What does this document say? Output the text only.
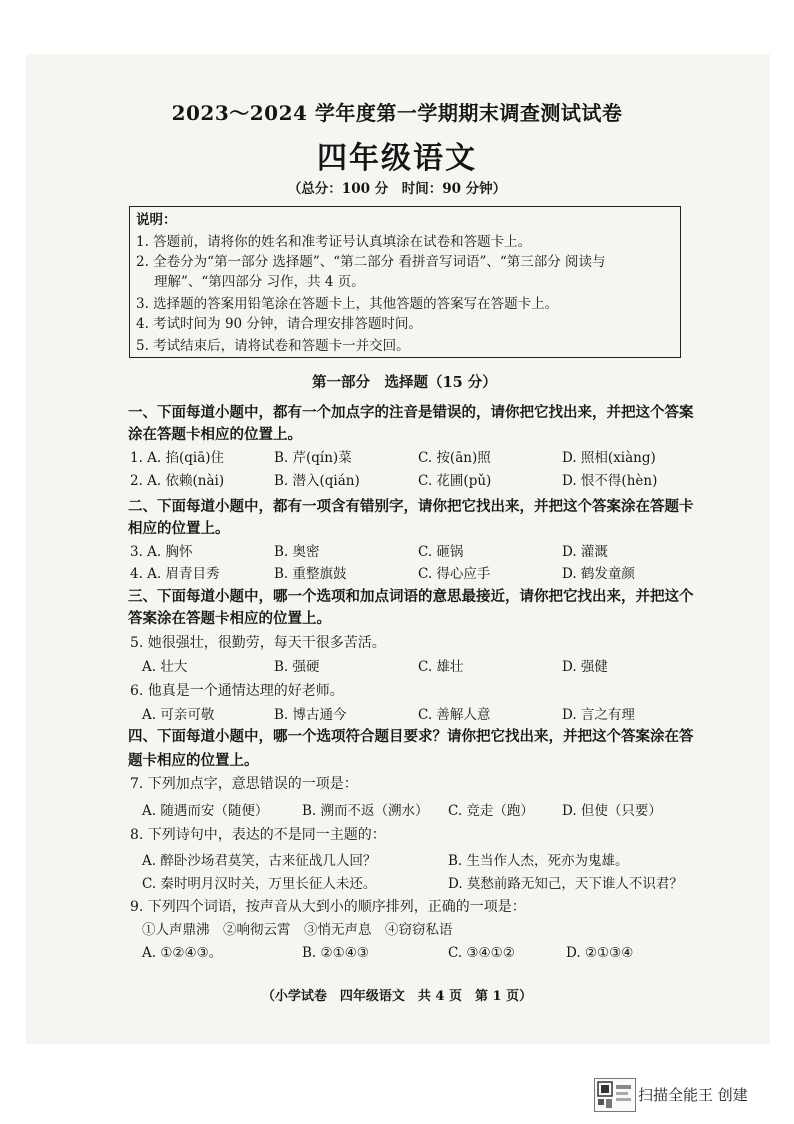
2023～2024 学年度第一学期期末调查测试试卷
四年级语文
（总分：100 分　时间：90 分钟）
说明：
1. 答题前，请将你的姓名和准考证号认真填涂在试卷和答题卡上。
2. 全卷分为“第一部分 选择题”、“第二部分 看拼音写词语”、“第三部分 阅读与
理解”、“第四部分 习作，共 4 页。
3. 选择题的答案用铅笔涂在答题卡上，其他答题的答案写在答题卡上。
4. 考试时间为 90 分钟，请合理安排答题时间。
5. 考试结束后，请将试卷和答题卡一并交回。
第一部分　选择题（15 分）
一、下面每道小题中，都有一个加点字的注音是错误的，请你把它找出来，并把这个答案
涂在答题卡相应的位置上。
1. A. 掐(qiā)住	B. 芹(qín)菜	C. 按(ān)照	D. 照相(xiàng)
2. A. 依赖(nài)	B. 潜入(qián)	C. 花圃(pǔ)	D. 恨不得(hèn)
二、下面每道小题中，都有一项含有错别字，请你把它找出来，并把这个答案涂在答题卡
相应的位置上。
3. A. 胸怀	B. 奥密	C. 砸锅	D. 灌溉
4. A. 眉青目秀	B. 重整旗鼓	C. 得心应手	D. 鹤发童颜
三、下面每道小题中，哪一个选项和加点词语的意思最接近，请你把它找出来，并把这个
答案涂在答题卡相应的位置上。
5. 她很强壮，很勤劳，每天干很多苦活。
A. 壮大	B. 强硬	C. 雄壮	D. 强健
6. 他真是一个通情达理的好老师。
A. 可亲可敬	B. 博古通今	C. 善解人意	D. 言之有理
四、下面每道小题中，哪一个选项符合题目要求？请你把它找出来，并把这个答案涂在答
题卡相应的位置上。
7. 下列加点字，意思错误的一项是：
A. 随遇而安（随便） B. 溯而不返（溯水） C. 竞走（跑） D. 但使（只要）
8. 下列诗句中，表达的不是同一主题的：
A. 醉卧沙场君莫笑，古来征战几人回？	B. 生当作人杰，死亦为鬼雄。
C. 秦时明月汉时关，万里长征人未还。	D. 莫愁前路无知己，天下谁人不识君？
9. 下列四个词语，按声音从大到小的顺序排列，正确的一项是：
①人声鼎沸　②响彻云霄　③悄无声息　④窃窃私语
A. ①②④③。	B. ②①④③	C. ③④①②	D. ②①③④
（小学试卷　四年级语文　共 4 页　第 1 页）
扫描全能王 创建
